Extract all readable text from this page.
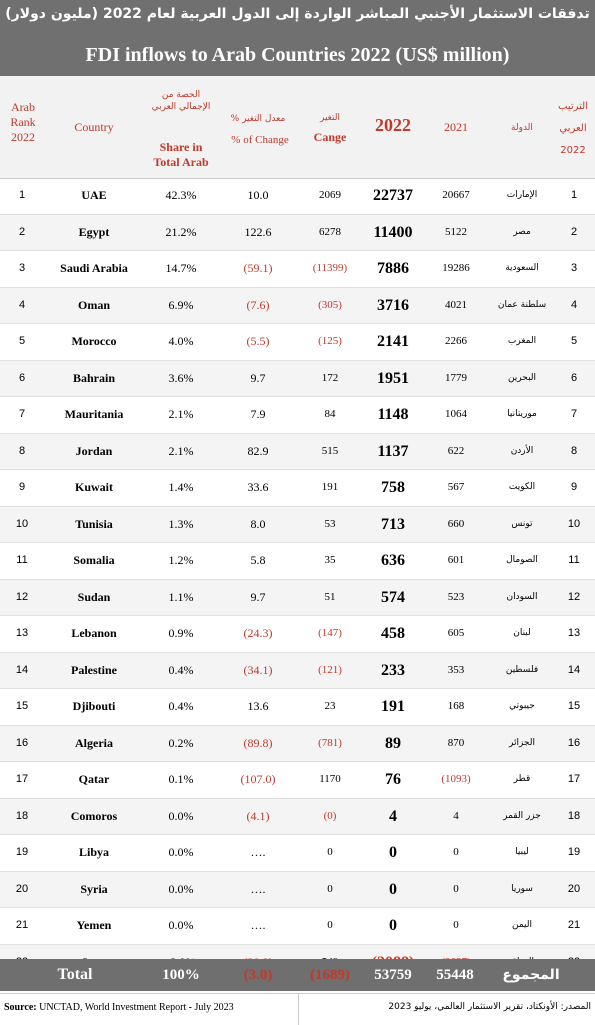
تدفقات الاستثمار الأجنبي المباشر الواردة إلى الدول العربية لعام 2022 (مليون دولار)
FDI inflows to Arab Countries 2022 (US$ million)
Arab Rank 2022
Country
الحصة من الإجمالي العربي
Share in Total Arab
معدل التغير %
% of Change
التغير
Cange
2022	2021	الدولة
الترتيب العربي 2022
1	UAE	42.3%	10.0	2069	22737	20667	الإمارات	1
2	Egypt	21.2%	122.6	6278	11400	5122	مصر	2
3	Saudi Arabia	14.7%	(59.1)	(11399)	7886	19286	السعودية	3
4	Oman	6.9%	(7.6)	(305)	3716	4021	سلطنة عمان	4
5	Morocco	4.0%	(5.5)	(125)	2141	2266	المغرب	5
6	Bahrain	3.6%	9.7	172	1951	1779	البحرين	6
7	Mauritania	2.1%	7.9	84	1148	1064	موريتانيا	7
8	Jordan	2.1%	82.9	515	1137	622	الأردن	8
9	Kuwait	1.4%	33.6	191	758	567	الكويت	9
10	Tunisia	1.3%	8.0	53	713	660	تونس	10
11	Somalia	1.2%	5.8	35	636	601	الصومال	11
12	Sudan	1.1%	9.7	51	574	523	السودان	12
13	Lebanon	0.9%	(24.3)	(147)	458	605	لبنان	13
14	Palestine	0.4%	(34.1)	(121)	233	353	فلسطين	14
15	Djibouti	0.4%	13.6	23	191	168	جيبوتي	15
16	Algeria	0.2%	(89.8)	(781)	89	870	الجزائر	16
17	Qatar	0.1%	(107.0)	1170	76	(1093)	قطر	17
18	Comoros	0.0%	(4.1)	(0)	4	4	جزر القمر	18
19	Libya	0.0%	….	0	0	0	ليبيا	19
20	Syria	0.0%	….	0	0	0	سوريا	20
21	Yemen	0.0%	….	0	0	0	اليمن	21
Total	100%	(3.0)	(1689)	53759	55448	المجموع
Source: UNCTAD, World Investment Report - July 2023	المصدر: الأونكتاد، تقرير الاستثمار العالمي، يوليو 2023
